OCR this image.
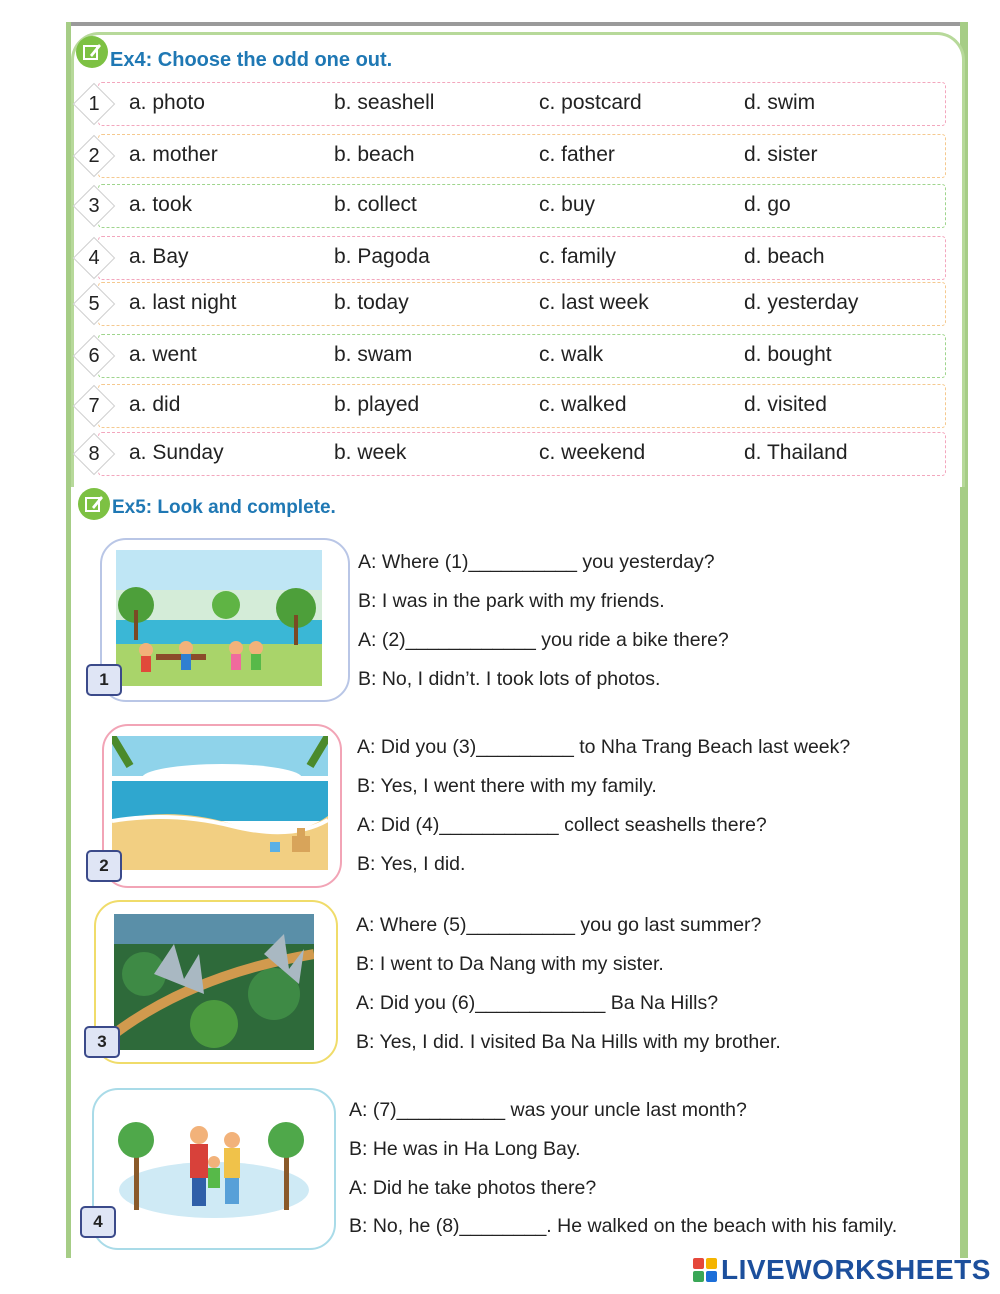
Ex4: Choose the odd one out.
1	a. photo	b. seashell	c. postcard	d. swim
2	a. mother	b. beach	c. father	d. sister
3	a. took	b. collect	c. buy	d. go
4	a. Bay	b. Pagoda	c. family	d. beach
5	a. last night	b. today	c. last week	d. yesterday
6	a. went	b. swam	c. walk	d. bought
7	a. did	b. played	c. walked	d. visited
8	a. Sunday	b. week	c. weekend	d. Thailand
Ex5: Look and complete.
1
2
3
4
A: Where (1)__________ you yesterday?
B: I was in the park with my friends.
A: (2)____________ you ride a bike there?
B: No, I didn’t. I took lots of photos.
A: Did you (3)_________ to Nha Trang Beach last week?
B: Yes, I went there with my family.
A: Did (4)___________ collect seashells there?
B: Yes, I did.
A: Where (5)__________ you go last summer?
B: I went to Da Nang with my sister.
A: Did you (6)____________ Ba Na Hills?
B: Yes, I did. I visited Ba Na Hills with my brother.
A: (7)__________ was your uncle last month?
B: He was in Ha Long Bay.
A: Did he take photos there?
B: No, he (8)________. He walked on the beach with his family.
LIVEWORKSHEETS
